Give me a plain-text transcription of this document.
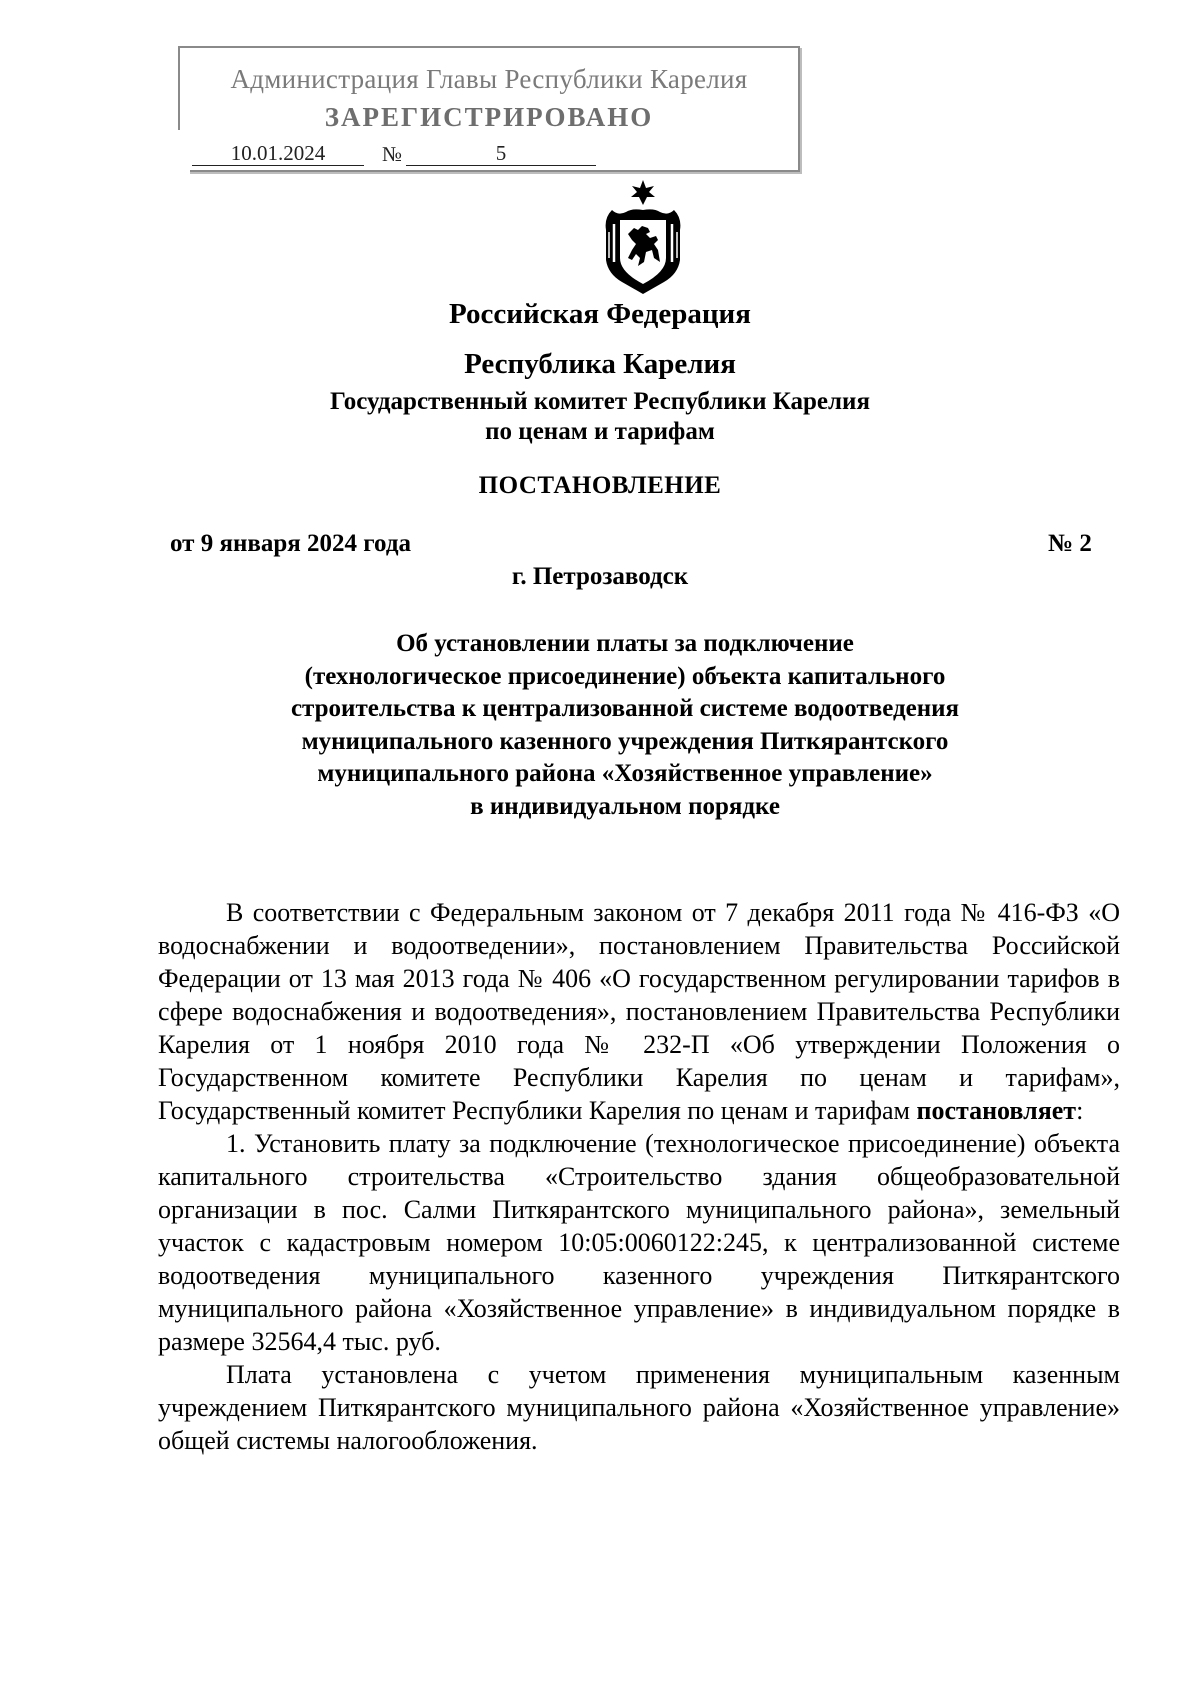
Администрация Главы Республики Карелия
ЗАРЕГИСТРИРОВАНО
10.01.2024	№	5
Российская Федерация
Республика Карелия
Государственный комитет Республики Карелия
по ценам и тарифам
ПОСТАНОВЛЕНИЕ
от 9 января 2024 года	№ 2
г. Петрозаводск
Об установлении платы за подключение
(технологическое присоединение) объекта капитального
строительства к централизованной системе водоотведения
муниципального казенного учреждения Питкярантского
муниципального района «Хозяйственное управление»
в индивидуальном порядке

В соответствии с Федеральным законом от 7 декабря 2011 года № 416-ФЗ «О водоснабжении и водоотведении», постановлением Правительства Российской Федерации от 13 мая 2013 года № 406 «О государственном регулировании тарифов в сфере водоснабжения и водоотведения», постановлением Правительства Республики Карелия от 1 ноября 2010 года № 232-П «Об утверждении Положения о Государственном комитете Республики Карелия по ценам и тарифам», Государственный комитет Республики Карелия по ценам и тарифам постановляет:

1. Установить плату за подключение (технологическое присоединение) объекта капитального строительства «Строительство здания общеобразовательной организации в пос. Салми Питкярантского муниципального района», земельный участок с кадастровым номером 10:05:0060122:245, к централизованной системе водоотведения муниципального казенного учреждения Питкярантского муниципального района «Хозяйственное управление» в индивидуальном порядке в размере 32564,4 тыс. руб.

Плата установлена с учетом применения муниципальным казенным учреждением Питкярантского муниципального района «Хозяйственное управление» общей системы налогообложения.
